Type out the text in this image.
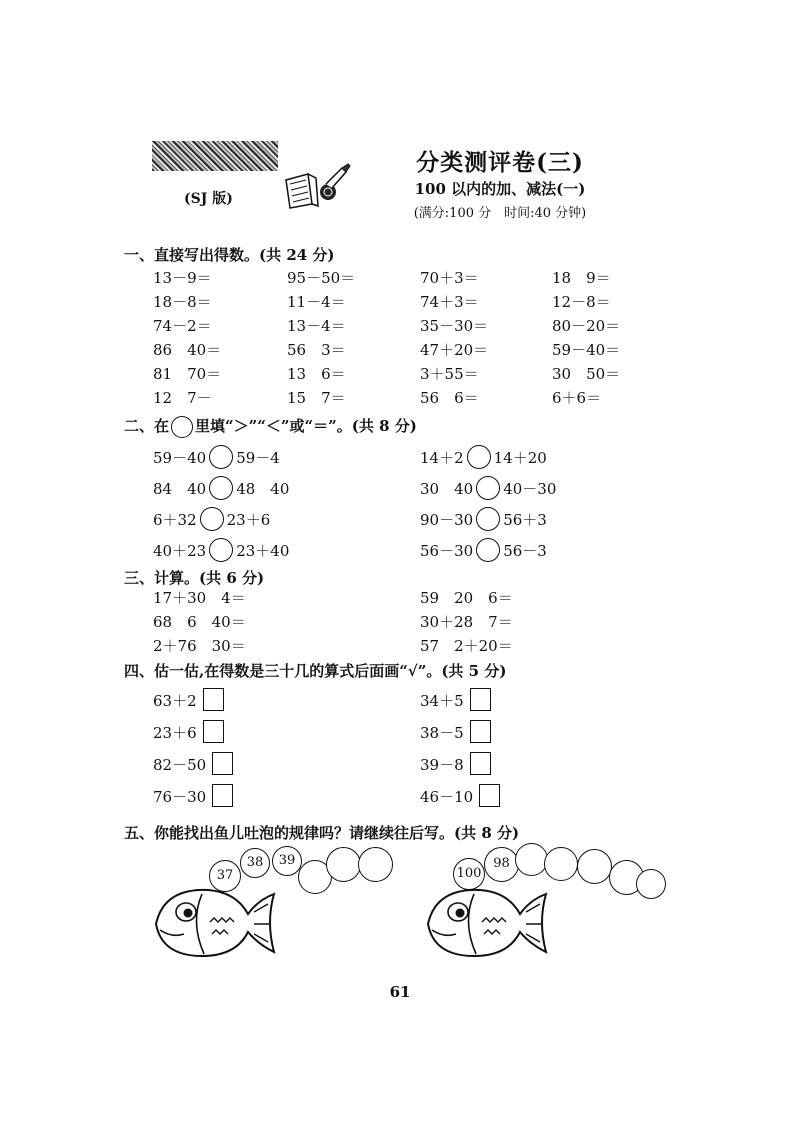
(SJ 版)
分类测评卷(三)
100 以内的加、减法(一)
(满分:100 分　时间:40 分钟)
一、直接写出得数。(共 24 分)
13－9＝	95－50＝	70＋3＝	18　9＝
18－8＝	11－4＝	74＋3＝	12－8＝
74－2＝	13－4＝	35－30＝	80－20＝
86　40＝	56　3＝	47＋20＝	59－40＝
81　70＝	13　6＝	3＋55＝	30　50＝
12　7－	15　7＝	56　6＝	6＋6＝
二、在 里填“＞”“＜”或“＝”。(共 8 分)
59－40 59－4	14＋2 14＋20
84　40 48　40	30　40 40－30
6＋32 23＋6	90－30 56＋3
40＋23 23＋40	56－30 56－3
三、计算。(共 6 分)
17＋30　4＝	59　20　6＝
68　6　40＝	30＋28　7＝
2＋76　30＝	57　2＋20＝
四、估一估,在得数是三十几的算式后面画“√”。(共 5 分)
63＋2	34＋5
23＋6	38－5
82－50	39－8
76－30	46－10
五、你能找出鱼儿吐泡的规律吗？请继续往后写。(共 8 分)
37
38	39
100
98
61
